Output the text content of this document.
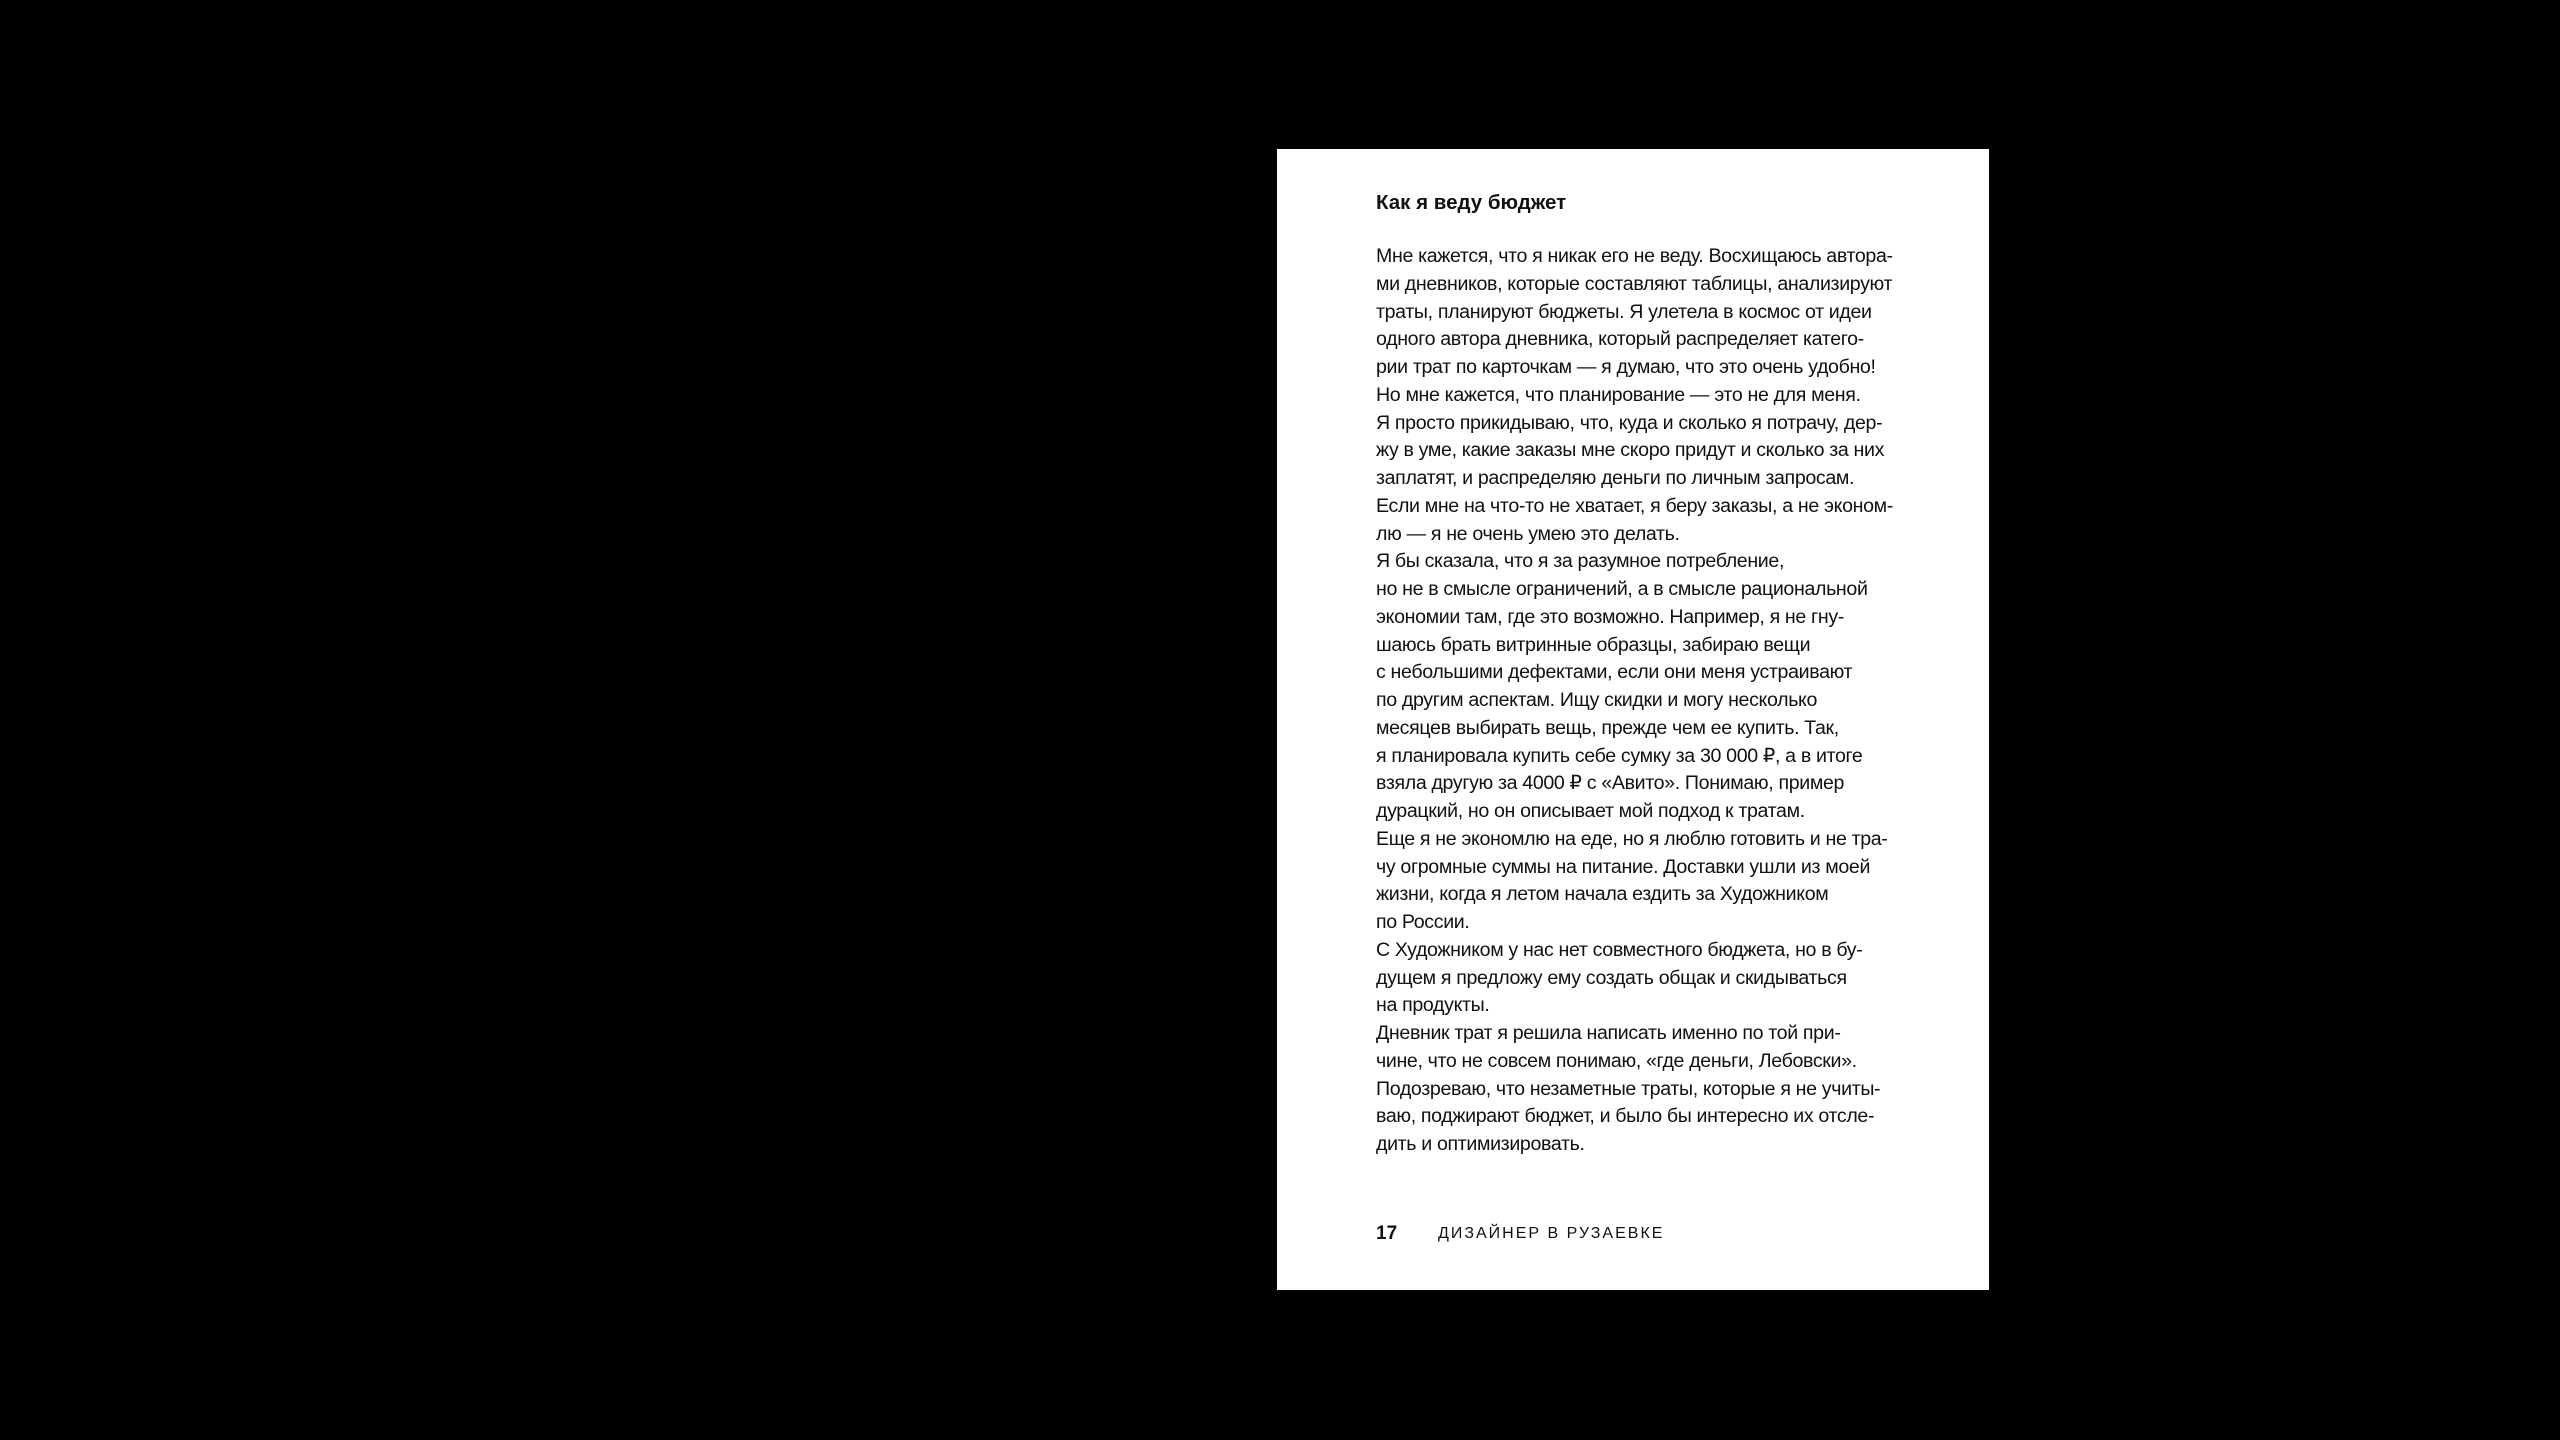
Как я веду бюджет
Мне кажется, что я никак его не веду. Восхищаюсь автора-
ми дневников, которые составляют таблицы, анализируют
траты, планируют бюджеты. Я улетела в космос от идеи
одного автора дневника, который распределяет катего-
рии трат по карточкам — я думаю, что это очень удобно!
Но мне кажется, что планирование — это не для меня.
Я просто прикидываю, что, куда и сколько я потрачу, дер-
жу в уме, какие заказы мне скоро придут и сколько за них
заплатят, и распределяю деньги по личным запросам.
Если мне на что-то не хватает, я беру заказы, а не эконом-
лю — я не очень умею это делать.
Я бы сказала, что я за разумное потребление,
но не в смысле ограничений, а в смысле рациональной
экономии там, где это возможно. Например, я не гну-
шаюсь брать витринные образцы, забираю вещи
с небольшими дефектами, если они меня устраивают
по другим аспектам. Ищу скидки и могу несколько
месяцев выбирать вещь, прежде чем ее купить. Так,
я планировала купить себе сумку за 30 000 ₽, а в итоге
взяла другую за 4000 ₽ с «Авито». Понимаю, пример
дурацкий, но он описывает мой подход к тратам.
Еще я не экономлю на еде, но я люблю готовить и не тра-
чу огромные суммы на питание. Доставки ушли из моей
жизни, когда я летом начала ездить за Художником
по России.
С Художником у нас нет совместного бюджета, но в бу-
дущем я предложу ему создать общак и скидываться
на продукты.
Дневник трат я решила написать именно по той при-
чине, что не совсем понимаю, «где деньги, Лебовски».
Подозреваю, что незаметные траты, которые я не учиты-
ваю, поджирают бюджет, и было бы интересно их отсле-
дить и оптимизировать.
17	ДИЗАЙНЕР В РУЗАЕВКЕ
